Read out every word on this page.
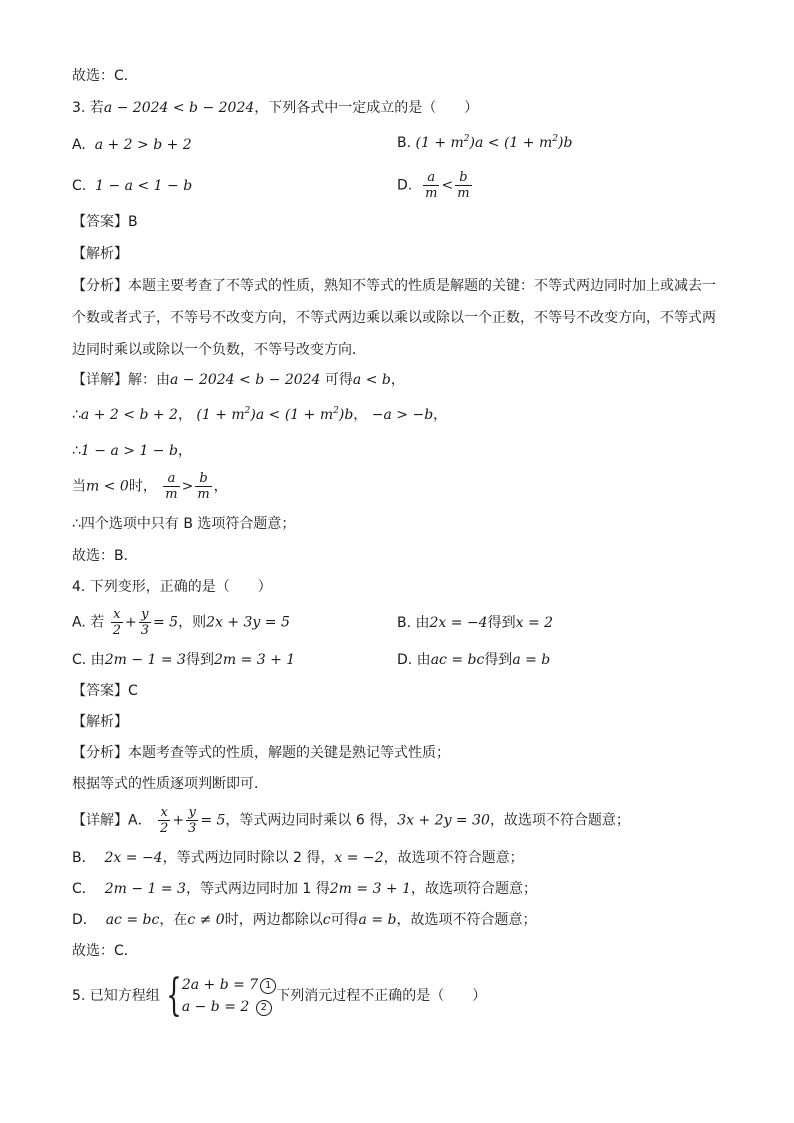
故选：C．
3. 若a − 2024 < b − 2024，下列各式中一定成立的是（　　）
A. a + 2 > b + 2	B. $(1 + m^2)a < (1 + m^2)b$
C. 1 − a < 1 − b	D. $\frac{a}{m} < \frac{b}{m}$
【答案】B
【解析】
【分析】本题主要考查了不等式的性质，熟知不等式的性质是解题的关键：不等式两边同时加上或减去一
个数或者式子，不等号不改变方向，不等式两边乘以乘以或除以一个正数，不等号不改变方向，不等式两
边同时乘以或除以一个负数，不等号改变方向．
【详解】解：由a − 2024 < b − 2024 可得a < b，
∴a + 2 < b + 2， $(1 + m^2)a < (1 + m^2)b$， −a > −b，
∴1 − a > 1 − b，
当m < 0时， $\frac{a}{m} > \frac{b}{m}$ ，
∴四个选项中只有 B 选项符合题意；
故选：B．
4. 下列变形，正确的是（　　）
A. 若 $\frac{x}{2} + \frac{y}{3} = 5$，则2x + 3y = 5	B. 由2x = −4得到x = 2
C. 由2m − 1 = 3得到2m = 3 + 1	D. 由ac = bc得到a = b
【答案】C
【解析】
【分析】本题考查等式的性质，解题的关键是熟记等式性质；
根据等式的性质逐项判断即可．
【详解】A． $\frac{x}{2} + \frac{y}{3} = 5$，等式两边同时乘以 6 得，3x + 2y = 30，故选项不符合题意；
B． 2x = −4，等式两边同时除以 2 得，x = −2，故选项不符合题意；
C． 2m − 1 = 3，等式两边同时加 1 得2m = 3 + 1，故选项符合题意；
D． ac = bc，在c ≠ 0时，两边都除以c可得a = b，故选项不符合题意；
故选：C．
5. 已知方程组 { 2a + b = 7 1
a − b = 2 2
下列消元过程不正确的是（　　）
